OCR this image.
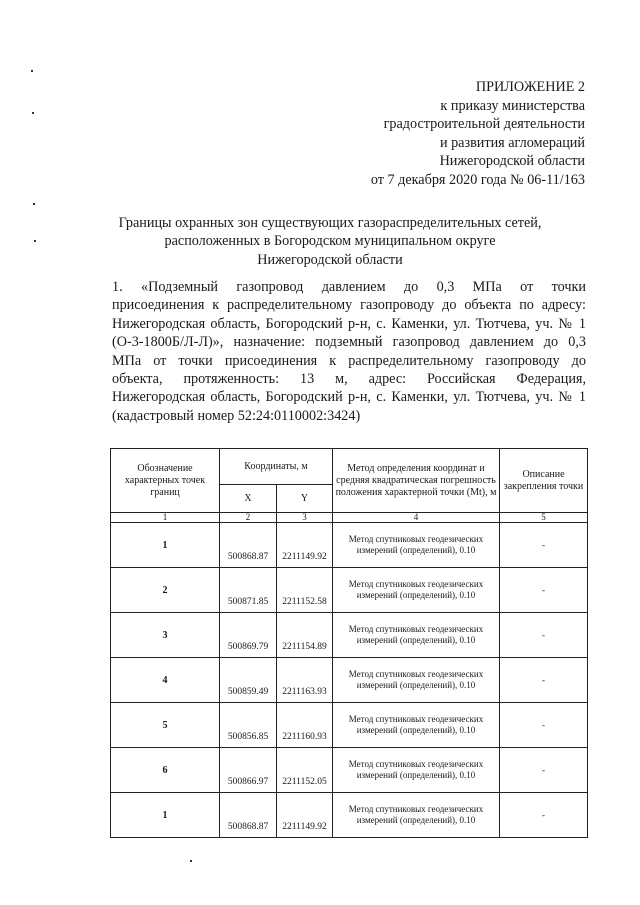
ПРИЛОЖЕНИЕ 2
к приказу министерства
градостроительной деятельности
и развития агломераций
Нижегородской области
от 7 декабря 2020 года № 06-11/163
Границы охранных зон существующих газораспределительных сетей,
расположенных в Богородском муниципальном округе
Нижегородской области
1. «Подземный газопровод давлением до 0,3 МПа от точки
присоединения к распределительному газопроводу до объекта по адресу:
Нижегородская область, Богородский р-н, с. Каменки, ул. Тютчева, уч. № 1
(О-3-1800Б/Л-Л)», назначение: подземный газопровод давлением до 0,3
МПа от точки присоединения к распределительному газопроводу до
объекта, протяженность: 13 м, адрес: Российская Федерация,
Нижегородская область, Богородский р-н, с. Каменки, ул. Тютчева, уч. № 1
(кадастровый номер 52:24:0110002:3424)
Обозначение характерных точек границ	Координаты, м		Метод определения координат и средняя квадратическая погрешность положения характерной точки (Mt), м	Описание закрепления точки
	X	Y		
1	2	3	4	5
1	500868.87	2211149.92	Метод спутниковых геодезических измерений (определений), 0.10	-
2	500871.85	2211152.58	Метод спутниковых геодезических измерений (определений), 0.10	-
3	500869.79	2211154.89	Метод спутниковых геодезических измерений (определений), 0.10	-
4	500859.49	2211163.93	Метод спутниковых геодезических измерений (определений), 0.10	-
5	500856.85	2211160.93	Метод спутниковых геодезических измерений (определений), 0.10	-
6	500866.97	2211152.05	Метод спутниковых геодезических измерений (определений), 0.10	-
1	500868.87	2211149.92	Метод спутниковых геодезических измерений (определений), 0.10	-
